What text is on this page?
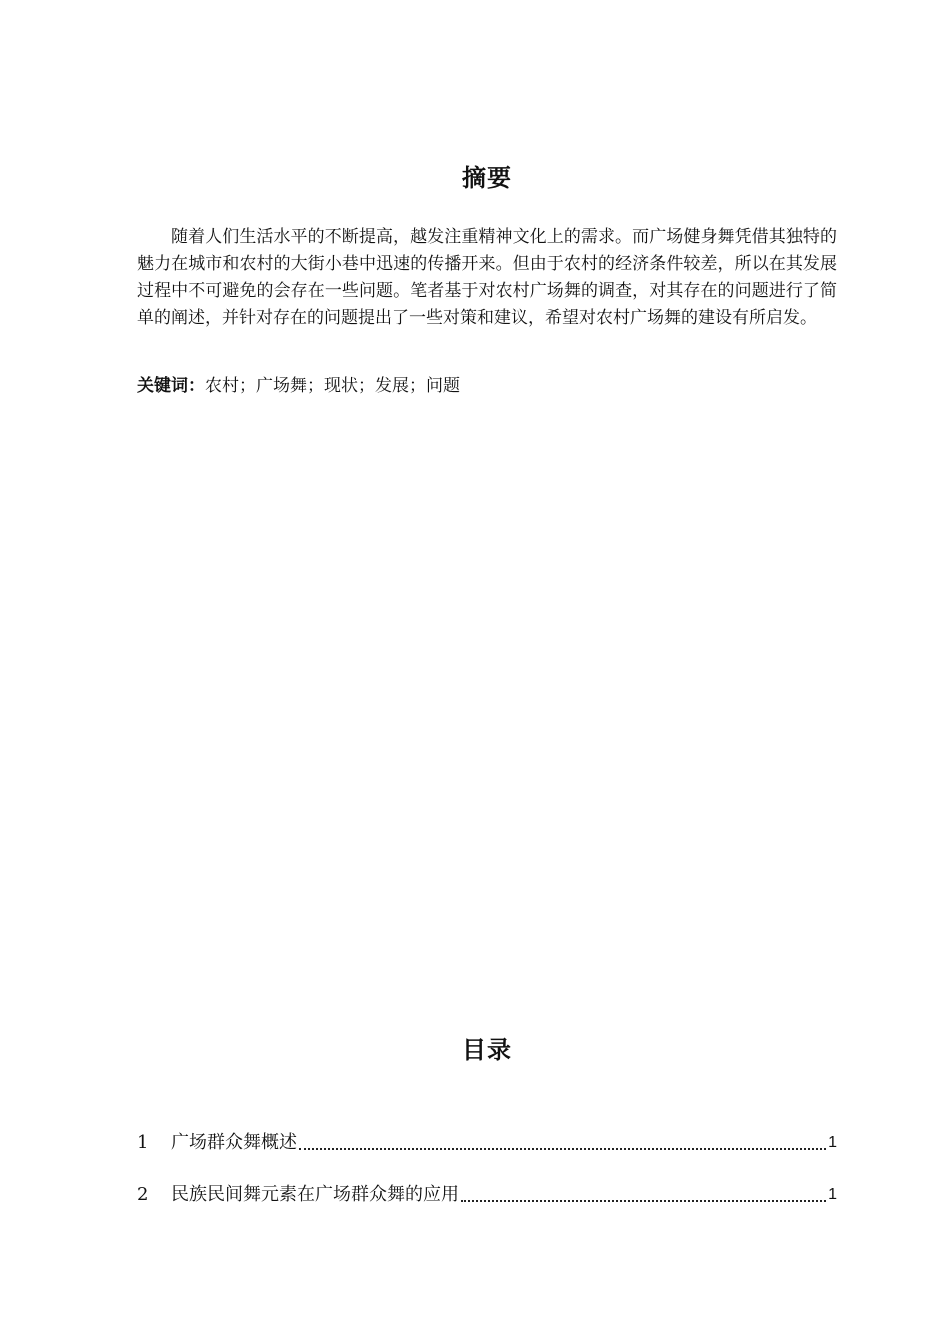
摘要

随着人们生活水平的不断提高，越发注重精神文化上的需求。而广场健身舞凭借其独特的魅力在城市和农村的大街小巷中迅速的传播开来。但由于农村的经济条件较差，所以在其发展过程中不可避免的会存在一些问题。笔者基于对农村广场舞的调查，对其存在的问题进行了简单的阐述，并针对存在的问题提出了一些对策和建议，希望对农村广场舞的建设有所启发。

关键词：农村；广场舞；现状；发展；问题

目录
1	广场群众舞概述	1
2	民族民间舞元素在广场群众舞的应用	1
